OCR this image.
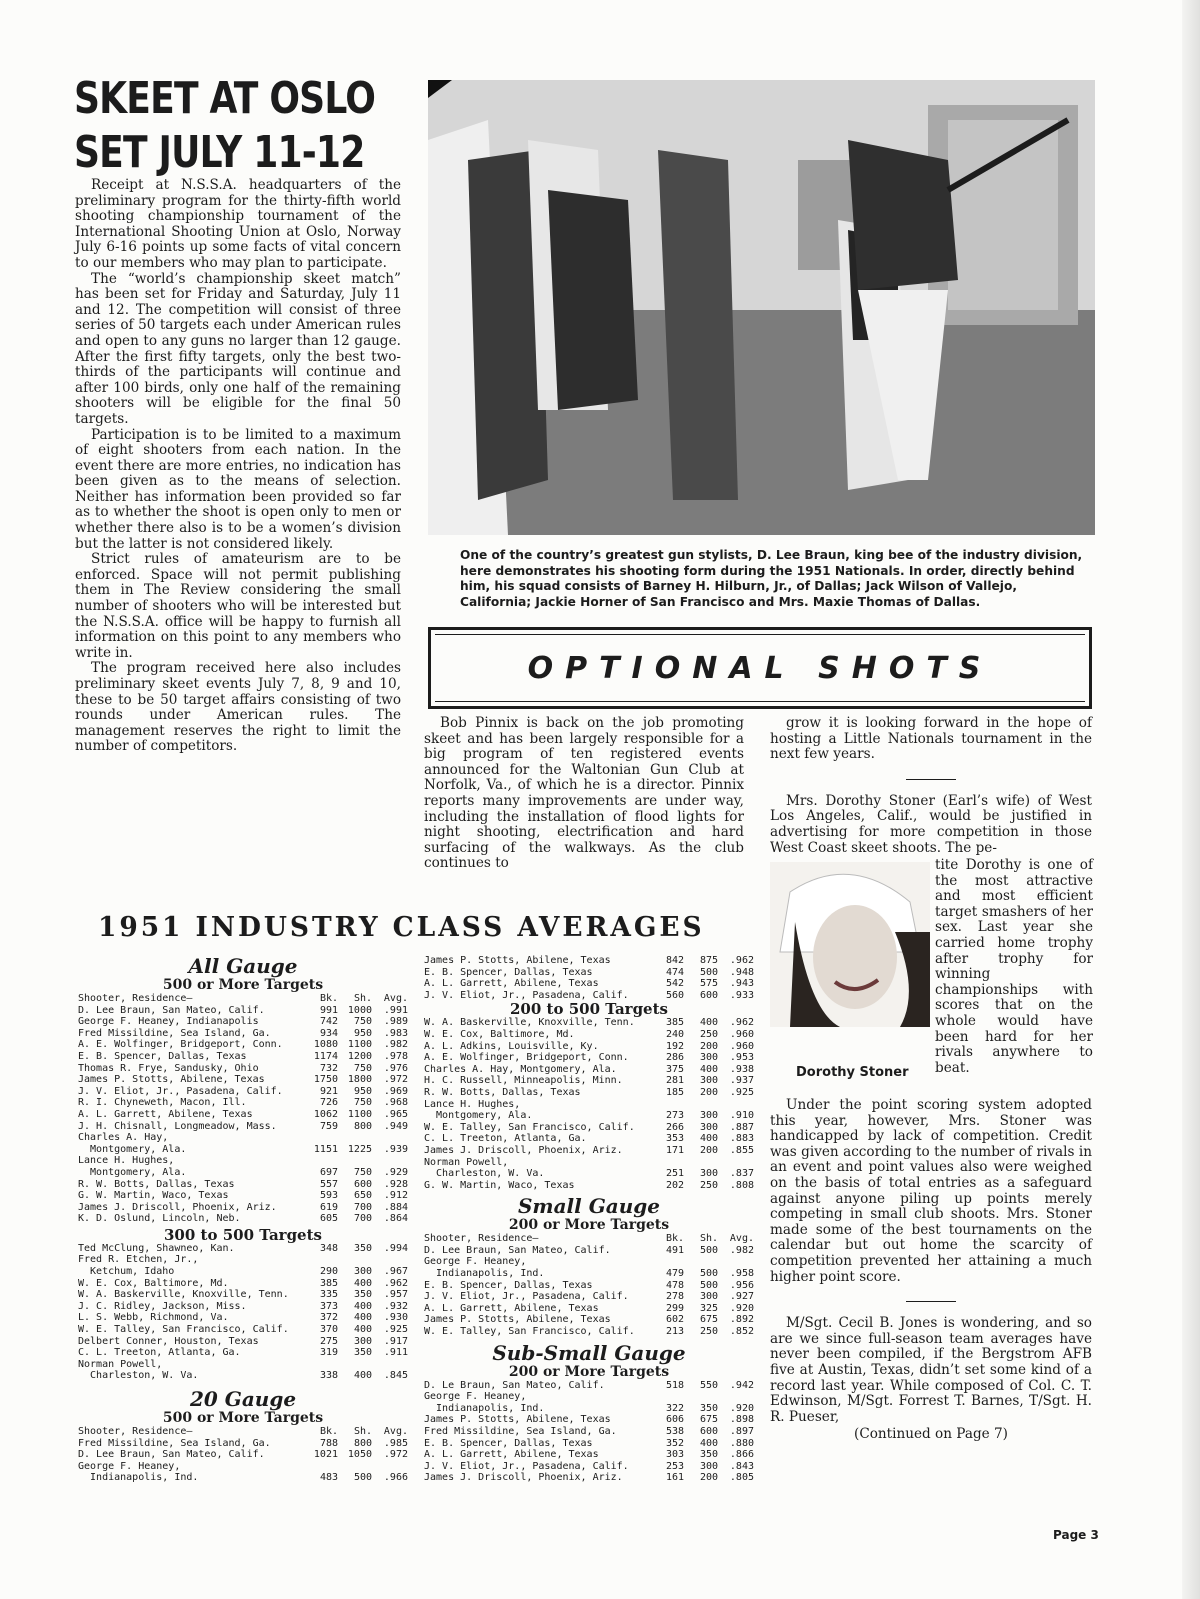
SKEET AT OSLO
SET JULY 11-12

Receipt at N.S.S.A. headquarters of the preliminary program for the thirty-fifth world shooting championship tournament of the International Shooting Union at Oslo, Norway July 6-16 points up some facts of vital concern to our members who may plan to participate.

The “world’s championship skeet match” has been set for Friday and Saturday, July 11 and 12. The competition will consist of three series of 50 targets each under American rules and open to any guns no larger than 12 gauge. After the first fifty targets, only the best two-thirds of the participants will continue and after 100 birds, only one half of the remaining shooters will be eligible for the final 50 targets.

Participation is to be limited to a maximum of eight shooters from each nation. In the event there are more entries, no indication has been given as to the means of selection. Neither has information been provided so far as to whether the shoot is open only to men or whether there also is to be a women’s division but the latter is not considered likely.

Strict rules of amateurism are to be enforced. Space will not permit publishing them in The Review considering the small number of shooters who will be interested but the N.S.S.A. office will be happy to furnish all information on this point to any members who write in.

The program received here also includes preliminary skeet events July 7, 8, 9 and 10, these to be 50 target affairs consisting of two rounds under American rules. The management reserves the right to limit the number of competitors.

One of the country’s greatest gun stylists, D. Lee Braun, king bee of the industry division, here demonstrates his shooting form during the 1951 Nationals. In order, directly behind him, his squad consists of Barney H. Hilburn, Jr., of Dallas; Jack Wilson of Vallejo, California; Jackie Horner of San Francisco and Mrs. Maxie Thomas of Dallas.
OPTIONAL SHOTS

Bob Pinnix is back on the job promoting skeet and has been largely responsible for a big program of ten registered events announced for the Waltonian Gun Club at Norfolk, Va., of which he is a director. Pinnix reports many improvements are under way, including the installation of flood lights for night shooting, electrification and hard surfacing of the walkways. As the club continues to

grow it is looking forward in the hope of hosting a Little Nationals tournament in the next few years.

Mrs. Dorothy Stoner (Earl’s wife) of West Los Angeles, Calif., would be justified in advertising for more competition in those West Coast skeet shoots. The pe-

tite Dorothy is one of the most attractive and most efficient target smashers of her sex. Last year she carried home trophy after trophy for winning championships with scores that on the whole would have been hard for her rivals anywhere to beat.

Dorothy Stoner

Under the point scoring system adopted this year, however, Mrs. Stoner was handicapped by lack of competition. Credit was given according to the number of rivals in an event and point values also were weighed on the basis of total entries as a safeguard against anyone piling up points merely competing in small club shoots. Mrs. Stoner made some of the best tournaments on the calendar but out home the scarcity of competition prevented her attaining a much higher point score.

M/Sgt. Cecil B. Jones is wondering, and so are we since full-season team averages have never been compiled, if the Bergstrom AFB five at Austin, Texas, didn’t set some kind of a record last year. While composed of Col. C. T. Edwinson, M/Sgt. Forrest T. Barnes, T/Sgt. H. R. Pueser,

(Continued on Page 7)
1951 INDUSTRY CLASS AVERAGES
All Gauge
500 or More Targets
Shooter, Residence—	Bk.	Sh.	Avg.
D. Lee Braun, San Mateo, Calif.	991 1000	.991
George F. Heaney, Indianapolis	742	750	.989
Fred Missildine, Sea Island, Ga.	934	950	.983
A. E. Wolfinger, Bridgeport, Conn.	1080 1100	.982
E. B. Spencer, Dallas, Texas	1174 1200	.978
Thomas R. Frye, Sandusky, Ohio	732	750	.976
James P. Stotts, Abilene, Texas	1750 1800	.972
J. V. Eliot, Jr., Pasadena, Calif.	921	950	.969
R. I. Chyneweth, Macon, Ill.	726	750	.968
A. L. Garrett, Abilene, Texas	1062 1100	.965
J. H. Chisnall, Longmeadow, Mass.	759	800	.949
Charles A. Hay,
Montgomery, Ala.	1151 1225	.939
Lance H. Hughes,
Montgomery, Ala.	697	750	.929
R. W. Botts, Dallas, Texas	557	600	.928
G. W. Martin, Waco, Texas	593	650	.912
James J. Driscoll, Phoenix, Ariz.	619	700	.884
K. D. Oslund, Lincoln, Neb.	605	700	.864
300 to 500 Targets
Ted McClung, Shawneo, Kan.	348	350	.994
Fred R. Etchen, Jr.,
Ketchum, Idaho	290	300	.967
W. E. Cox, Baltimore, Md.	385	400	.962
W. A. Baskerville, Knoxville, Tenn.	335	350	.957
J. C. Ridley, Jackson, Miss.	373	400	.932
L. S. Webb, Richmond, Va.	372	400	.930
W. E. Talley, San Francisco, Calif.	370	400	.925
Delbert Conner, Houston, Texas	275	300	.917
C. L. Treeton, Atlanta, Ga.	319	350	.911
Norman Powell,
Charleston, W. Va.	338	400	.845
20 Gauge
500 or More Targets
Shooter, Residence—	Bk.	Sh.	Avg.
Fred Missildine, Sea Island, Ga.	788	800	.985
D. Lee Braun, San Mateo, Calif.	1021 1050	.972
George F. Heaney,
Indianapolis, Ind.	483	500	.966
James P. Stotts, Abilene, Texas	842	875	.962
E. B. Spencer, Dallas, Texas	474	500	.948
A. L. Garrett, Abilene, Texas	542	575	.943
J. V. Eliot, Jr., Pasadena, Calif.	560	600	.933
200 to 500 Targets
W. A. Baskerville, Knoxville, Tenn.	385	400	.962
W. E. Cox, Baltimore, Md.	240	250	.960
A. L. Adkins, Louisville, Ky.	192	200	.960
A. E. Wolfinger, Bridgeport, Conn.	286	300	.953
Charles A. Hay, Montgomery, Ala.	375	400	.938
H. C. Russell, Minneapolis, Minn.	281	300	.937
R. W. Botts, Dallas, Texas	185	200	.925
Lance H. Hughes,
Montgomery, Ala.	273	300	.910
W. E. Talley, San Francisco, Calif.	266	300	.887
C. L. Treeton, Atlanta, Ga.	353	400	.883
James J. Driscoll, Phoenix, Ariz.	171	200	.855
Norman Powell,
Charleston, W. Va.	251	300	.837
G. W. Martin, Waco, Texas	202	250	.808
Small Gauge
200 or More Targets
Shooter, Residence—	Bk.	Sh.	Avg.
D. Lee Braun, San Mateo, Calif.	491	500	.982
George F. Heaney,
Indianapolis, Ind.	479	500	.958
E. B. Spencer, Dallas, Texas	478	500	.956
J. V. Eliot, Jr., Pasadena, Calif.	278	300	.927
A. L. Garrett, Abilene, Texas	299	325	.920
James P. Stotts, Abilene, Texas	602	675	.892
W. E. Talley, San Francisco, Calif.	213	250	.852
Sub-Small Gauge
200 or More Targets
D. Le Braun, San Mateo, Calif.	518	550	.942
George F. Heaney,
Indianapolis, Ind.	322	350	.920
James P. Stotts, Abilene, Texas	606	675	.898
Fred Missildine, Sea Island, Ga.	538	600	.897
E. B. Spencer, Dallas, Texas	352	400	.880
A. L. Garrett, Abilene, Texas	303	350	.866
J. V. Eliot, Jr., Pasadena, Calif.	253	300	.843
James J. Driscoll, Phoenix, Ariz.	161	200	.805
Page 3
